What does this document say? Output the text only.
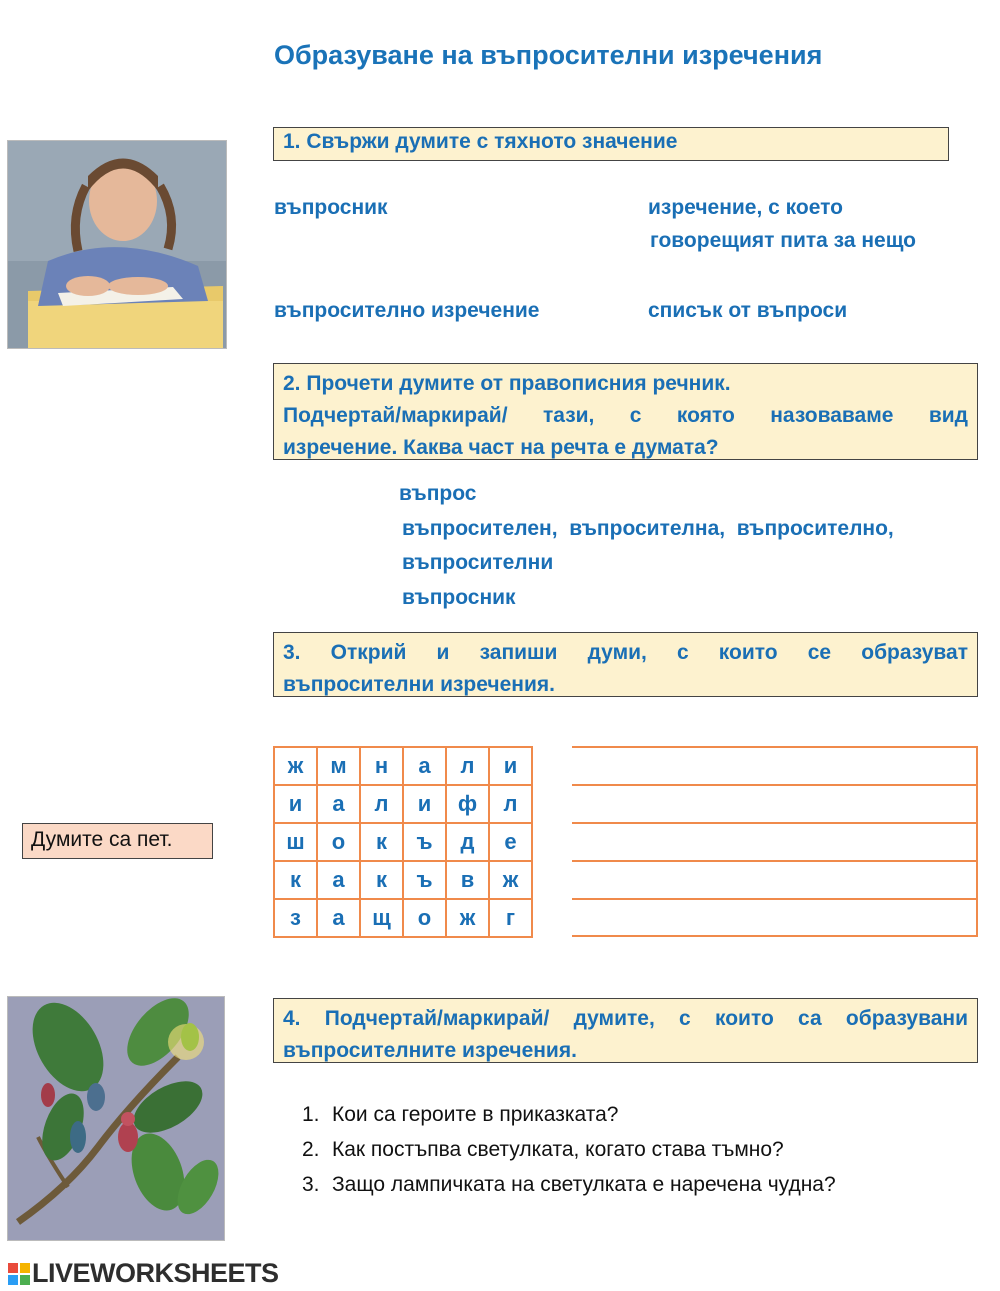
Образуване на въпросителни изречения
1. Свържи думите с тяхното значение
въпросник
въпросително изречение
изречение, с което
говорещият пита за нещо
списък от въпроси
2. Прочети думите от правописния речник.
Подчертай/маркирай/ тази, с която назоваваме вид
изречение. Каква част на речта е думата?
въпрос
въпросителен,  въпросителна,  въпросително,
въпросителни
въпросник
3. Открий и запиши думи, с които се образуват
въпросителни изречения.
Думите са пет.
ж	м	н	а	л	и
и	а	л	и	ф	л
ш	о	к	ъ	д	е
к	а	к	ъ	в	ж
з	а	щ	о	ж	г
4. Подчертай/маркирай/ думите, с които са образувани
въпросителните изречения.
1. Кои са героите в приказката?
2. Как постъпва светулката, когато става тъмно?
3. Защо лампичката на светулката е наречена чудна?
LIVEWORKSHEETS
